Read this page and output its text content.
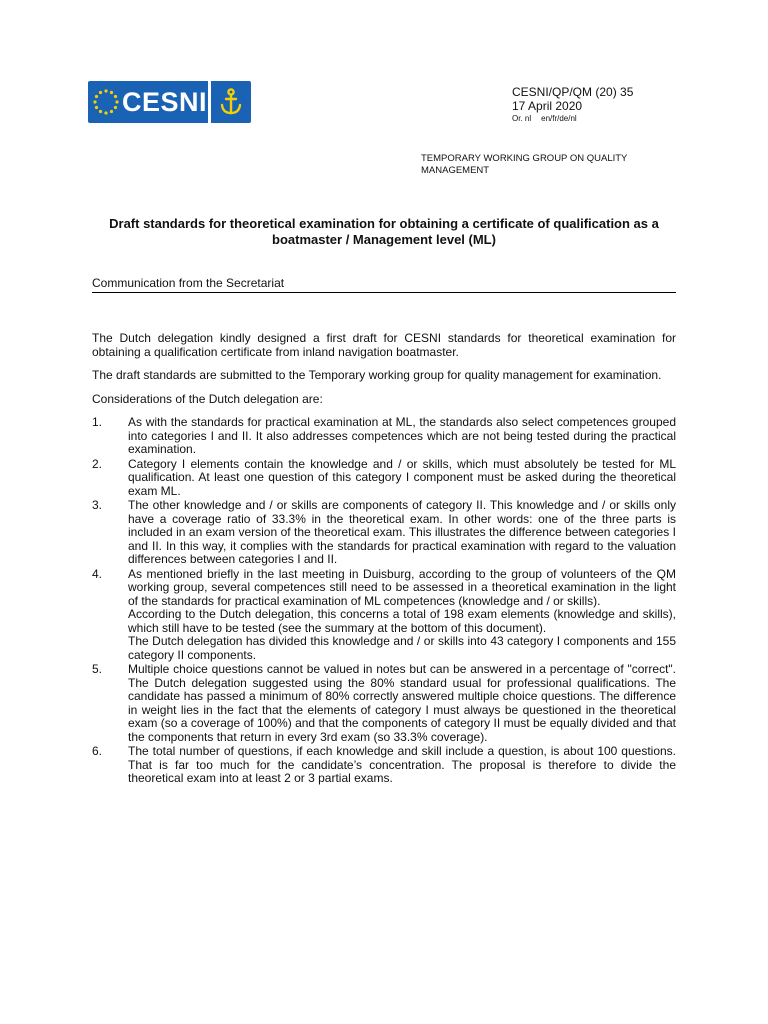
CESNI	CESNI/QP/QM (20) 35
17 April 2020
Or. nl en/fr/de/nl
TEMPORARY WORKING GROUP ON QUALITY MANAGEMENT
Draft standards for theoretical examination for obtaining a certificate of qualification as a boatmaster / Management level (ML)
Communication from the Secretariat

The Dutch delegation kindly designed a first draft for CESNI standards for theoretical examination for obtaining a qualification certificate from inland navigation boatmaster.

The draft standards are submitted to the Temporary working group for quality management for examination.

Considerations of the Dutch delegation are:

1.	As with the standards for practical examination at ML, the standards also select competences grouped into categories I and II. It also addresses competences which are not being tested during the practical examination.
2.	Category I elements contain the knowledge and / or skills, which must absolutely be tested for ML qualification. At least one question of this category I component must be asked during the theoretical exam ML.
3.	The other knowledge and / or skills are components of category II. This knowledge and / or skills only have a coverage ratio of 33.3% in the theoretical exam. In other words: one of the three parts is included in an exam version of the theoretical exam. This illustrates the difference between categories I and II. In this way, it complies with the standards for practical examination with regard to the valuation differences between categories I and II.
4.	As mentioned briefly in the last meeting in Duisburg, according to the group of volunteers of the QM working group, several competences still need to be assessed in a theoretical examination in the light of the standards for practical examination of ML competences (knowledge and / or skills).
According to the Dutch delegation, this concerns a total of 198 exam elements (knowledge and skills), which still have to be tested (see the summary at the bottom of this document).
The Dutch delegation has divided this knowledge and / or skills into 43 category I components and 155 category II components.
5.	Multiple choice questions cannot be valued in notes but can be answered in a percentage of "correct". The Dutch delegation suggested using the 80% standard usual for professional qualifications. The candidate has passed a minimum of 80% correctly answered multiple choice questions. The difference in weight lies in the fact that the elements of category I must always be questioned in the theoretical exam (so a coverage of 100%) and that the components of category II must be equally divided and that the components that return in every 3rd exam (so 33.3% coverage).
6.	The total number of questions, if each knowledge and skill include a question, is about 100 questions. That is far too much for the candidate’s concentration. The proposal is therefore to divide the theoretical exam into at least 2 or 3 partial exams.
